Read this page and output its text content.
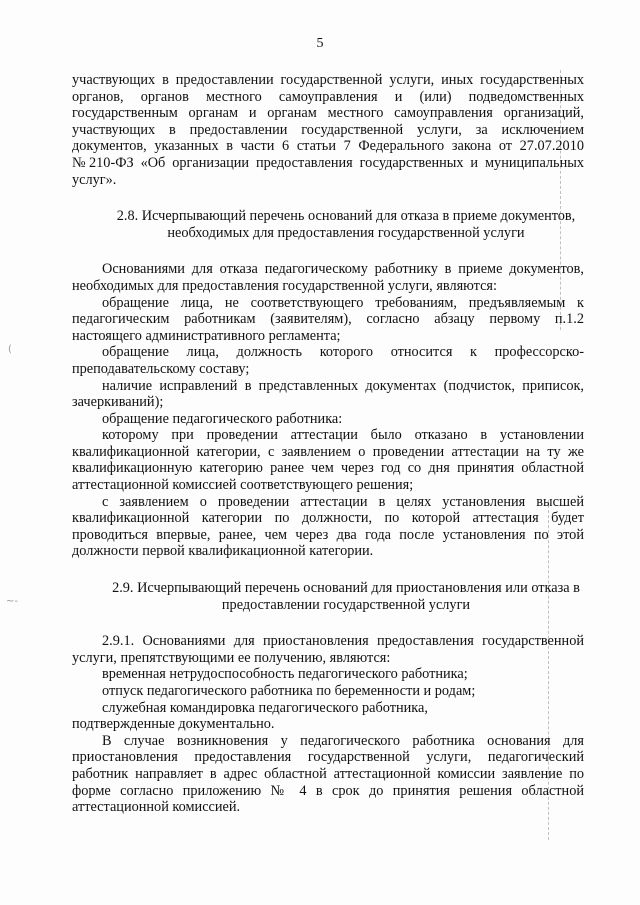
5
(
~‑

участвующих в предоставлении государственной услуги, иных государственных органов, органов местного самоуправления и (или) подведомственных государственным органам и органам местного самоуправления организаций, участвующих в предоставлении государственной услуги, за исключением документов, указанных в части 6 статьи 7 Федерального закона от 27.07.2010 №210-ФЗ «Об организации предоставления государственных и муниципальных услуг».

2.8. Исчерпывающий перечень оснований для отказа в приеме документов, необходимых для предоставления государственной услуги

Основаниями для отказа педагогическому работнику в приеме документов, необходимых для предоставления государственной услуги, являются:

обращение лица, не соответствующего требованиям, предъявляемым к педагогическим работникам (заявителям), согласно абзацу первому п.1.2 настоящего административного регламента;

обращение лица, должность которого относится к профессорско-преподавательскому составу;

наличие исправлений в представленных документах (подчисток, приписок, зачеркиваний);

обращение педагогического работника:

которому при проведении аттестации было отказано в установлении квалификационной категории, с заявлением о проведении аттестации на ту же квалификационную категорию ранее чем через год со дня принятия областной аттестационной комиссией соответствующего решения;

с заявлением о проведении аттестации в целях установления высшей квалификационной категории по должности, по которой аттестация будет проводиться впервые, ранее, чем через два года после установления по этой должности первой квалификационной категории.

2.9. Исчерпывающий перечень оснований для приостановления или отказа в предоставлении государственной услуги

2.9.1. Основаниями для приостановления предоставления государственной услуги, препятствующими ее получению, являются:

временная нетрудоспособность педагогического работника;

отпуск педагогического работника по беременности и родам;

служебная командировка педагогического работника,

подтвержденные документально.

В случае возникновения у педагогического работника основания для приостановления предоставления государственной услуги, педагогический работник направляет в адрес областной аттестационной комиссии заявление по форме согласно приложению № 4 в срок до принятия решения областной аттестационной комиссией.
